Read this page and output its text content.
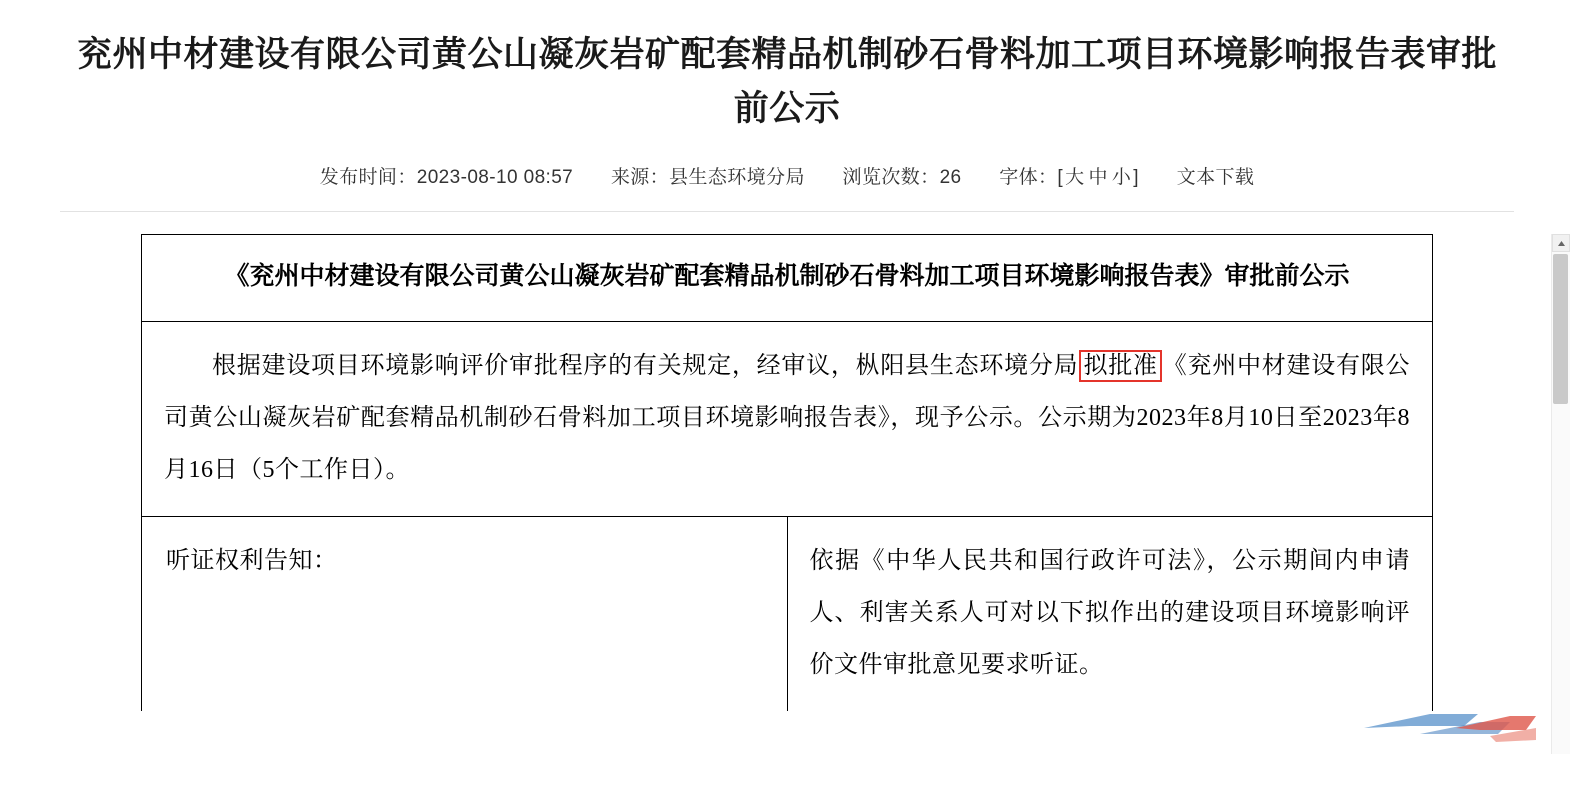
兖州中材建设有限公司黄公山凝灰岩矿配套精品机制砂石骨料加工项目环境影响报告表审批前公示
发布时间：2023-08-10 08:57 来源：县生态环境分局 浏览次数：26 字体：[ 大 中 小 ] 文本下载
《兖州中材建设有限公司黄公山凝灰岩矿配套精品机制砂石骨料加工项目环境影响报告表》审批前公示

根据建设项目环境影响评价审批程序的有关规定，经审议，枞阳县生态环境分局 拟批准 《兖州中材建设有限公司黄公山凝灰岩矿配套精品机制砂石骨料加工项目环境影响报告表》，现予公示。公示期为2023年8月10日至2023年8月16日（5个工作日）。

听证权利告知：	依据《中华人民共和国行政许可法》，公示期间内申请人、利害关系人可对以下拟作出的建设项目环境影响评价文件审批意见要求听证。
